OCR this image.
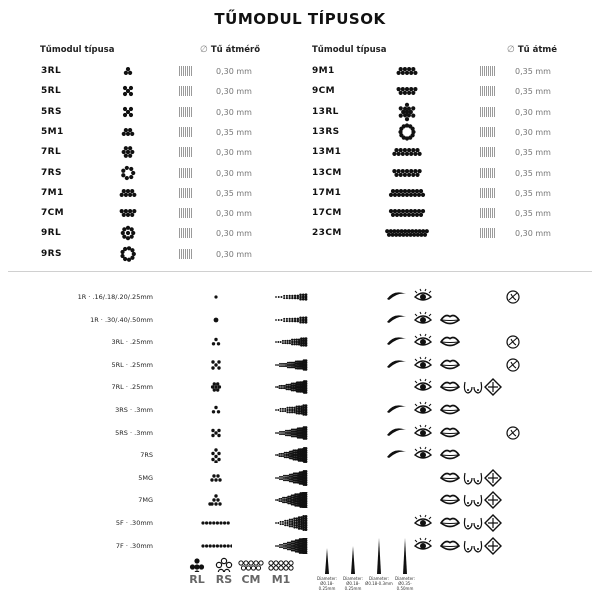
TŰMODUL TÍPUSOK
Tűmodul típusa	∅ Tű átmérő	Tűmodul típusa	∅ Tű átmé
3RL	0,30 mm
5RL	0,30 mm
5RS	0,30 mm
5M1	0,35 mm
7RL	0,30 mm
7RS	0,30 mm
7M1	0,35 mm
7CM	0,30 mm
9RL	0,30 mm
9RS	0,30 mm
9M1	0,35 mm
9CM	0,35 mm
13RL	0,30 mm
13RS	0,30 mm
13M1	0,35 mm
13CM	0,35 mm
17M1	0,35 mm
17CM	0,35 mm
23CM	0,30 mm
1R · .16/.18/.20/.25mm
1R · .30/.40/.50mm
3RL · .25mm
5RL · .25mm
7RL · .25mm
3RS · .3mm
5RS · .3mm
7RS
5MG
7MG
5F · .30mm
7F · .30mm
RL	RS CM	M1	Diameter: Ø0.18-0.25mm
Diameter: Ø0.18-0.25mm
Diameter: Ø0.18-0.3mm
Diameter: Ø0.35-0.50mm
